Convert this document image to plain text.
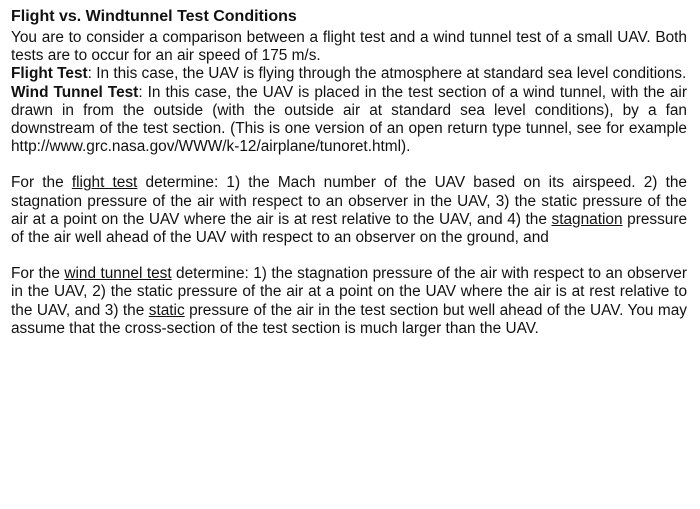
Flight vs. Windtunnel Test Conditions

You are to consider a comparison between a flight test and a wind tunnel test of a small UAV. Both tests are to occur for an air speed of 175 m/s.

Flight Test: In this case, the UAV is flying through the atmosphere at standard sea level conditions.

Wind Tunnel Test: In this case, the UAV is placed in the test section of a wind tunnel, with the air drawn in from the outside (with the outside air at standard sea level conditions), by a fan downstream of the test section. (This is one version of an open return type tunnel, see for example http://www.grc.nasa.gov/WWW/k-12/airplane/tunoret.html).

For the flight test determine: 1) the Mach number of the UAV based on its airspeed. 2) the stagnation pressure of the air with respect to an observer in the UAV, 3) the static pressure of the air at a point on the UAV where the air is at rest relative to the UAV, and 4) the stagnation pressure of the air well ahead of the UAV with respect to an observer on the ground, and

For the wind tunnel test determine: 1) the stagnation pressure of the air with respect to an observer in the UAV, 2) the static pressure of the air at a point on the UAV where the air is at rest relative to the UAV, and 3) the static pressure of the air in the test section but well ahead of the UAV. You may assume that the cross-section of the test section is much larger than the UAV.
